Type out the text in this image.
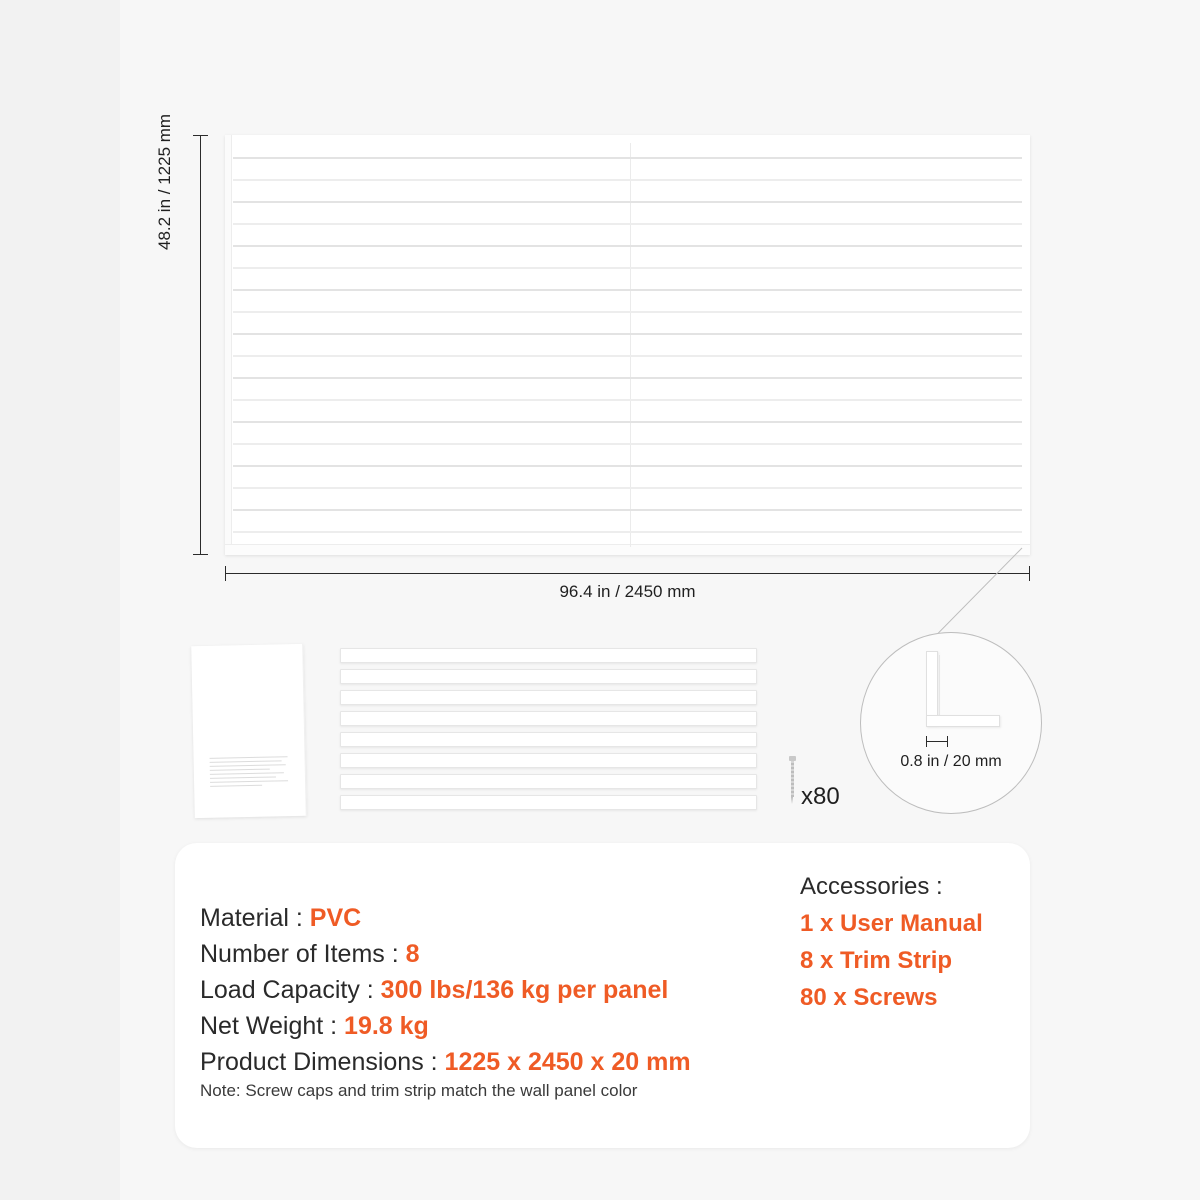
48.2 in / 1225 mm
96.4 in / 2450 mm
0.8 in / 20 mm
x80
Material : PVC
Number of Items : 8
Load Capacity : 300 lbs/136 kg per panel
Net Weight : 19.8 kg
Product Dimensions : 1225 x 2450 x 20 mm
Note: Screw caps and trim strip match the wall panel color
Accessories :
1 x User Manual
8 x Trim Strip
80 x Screws
